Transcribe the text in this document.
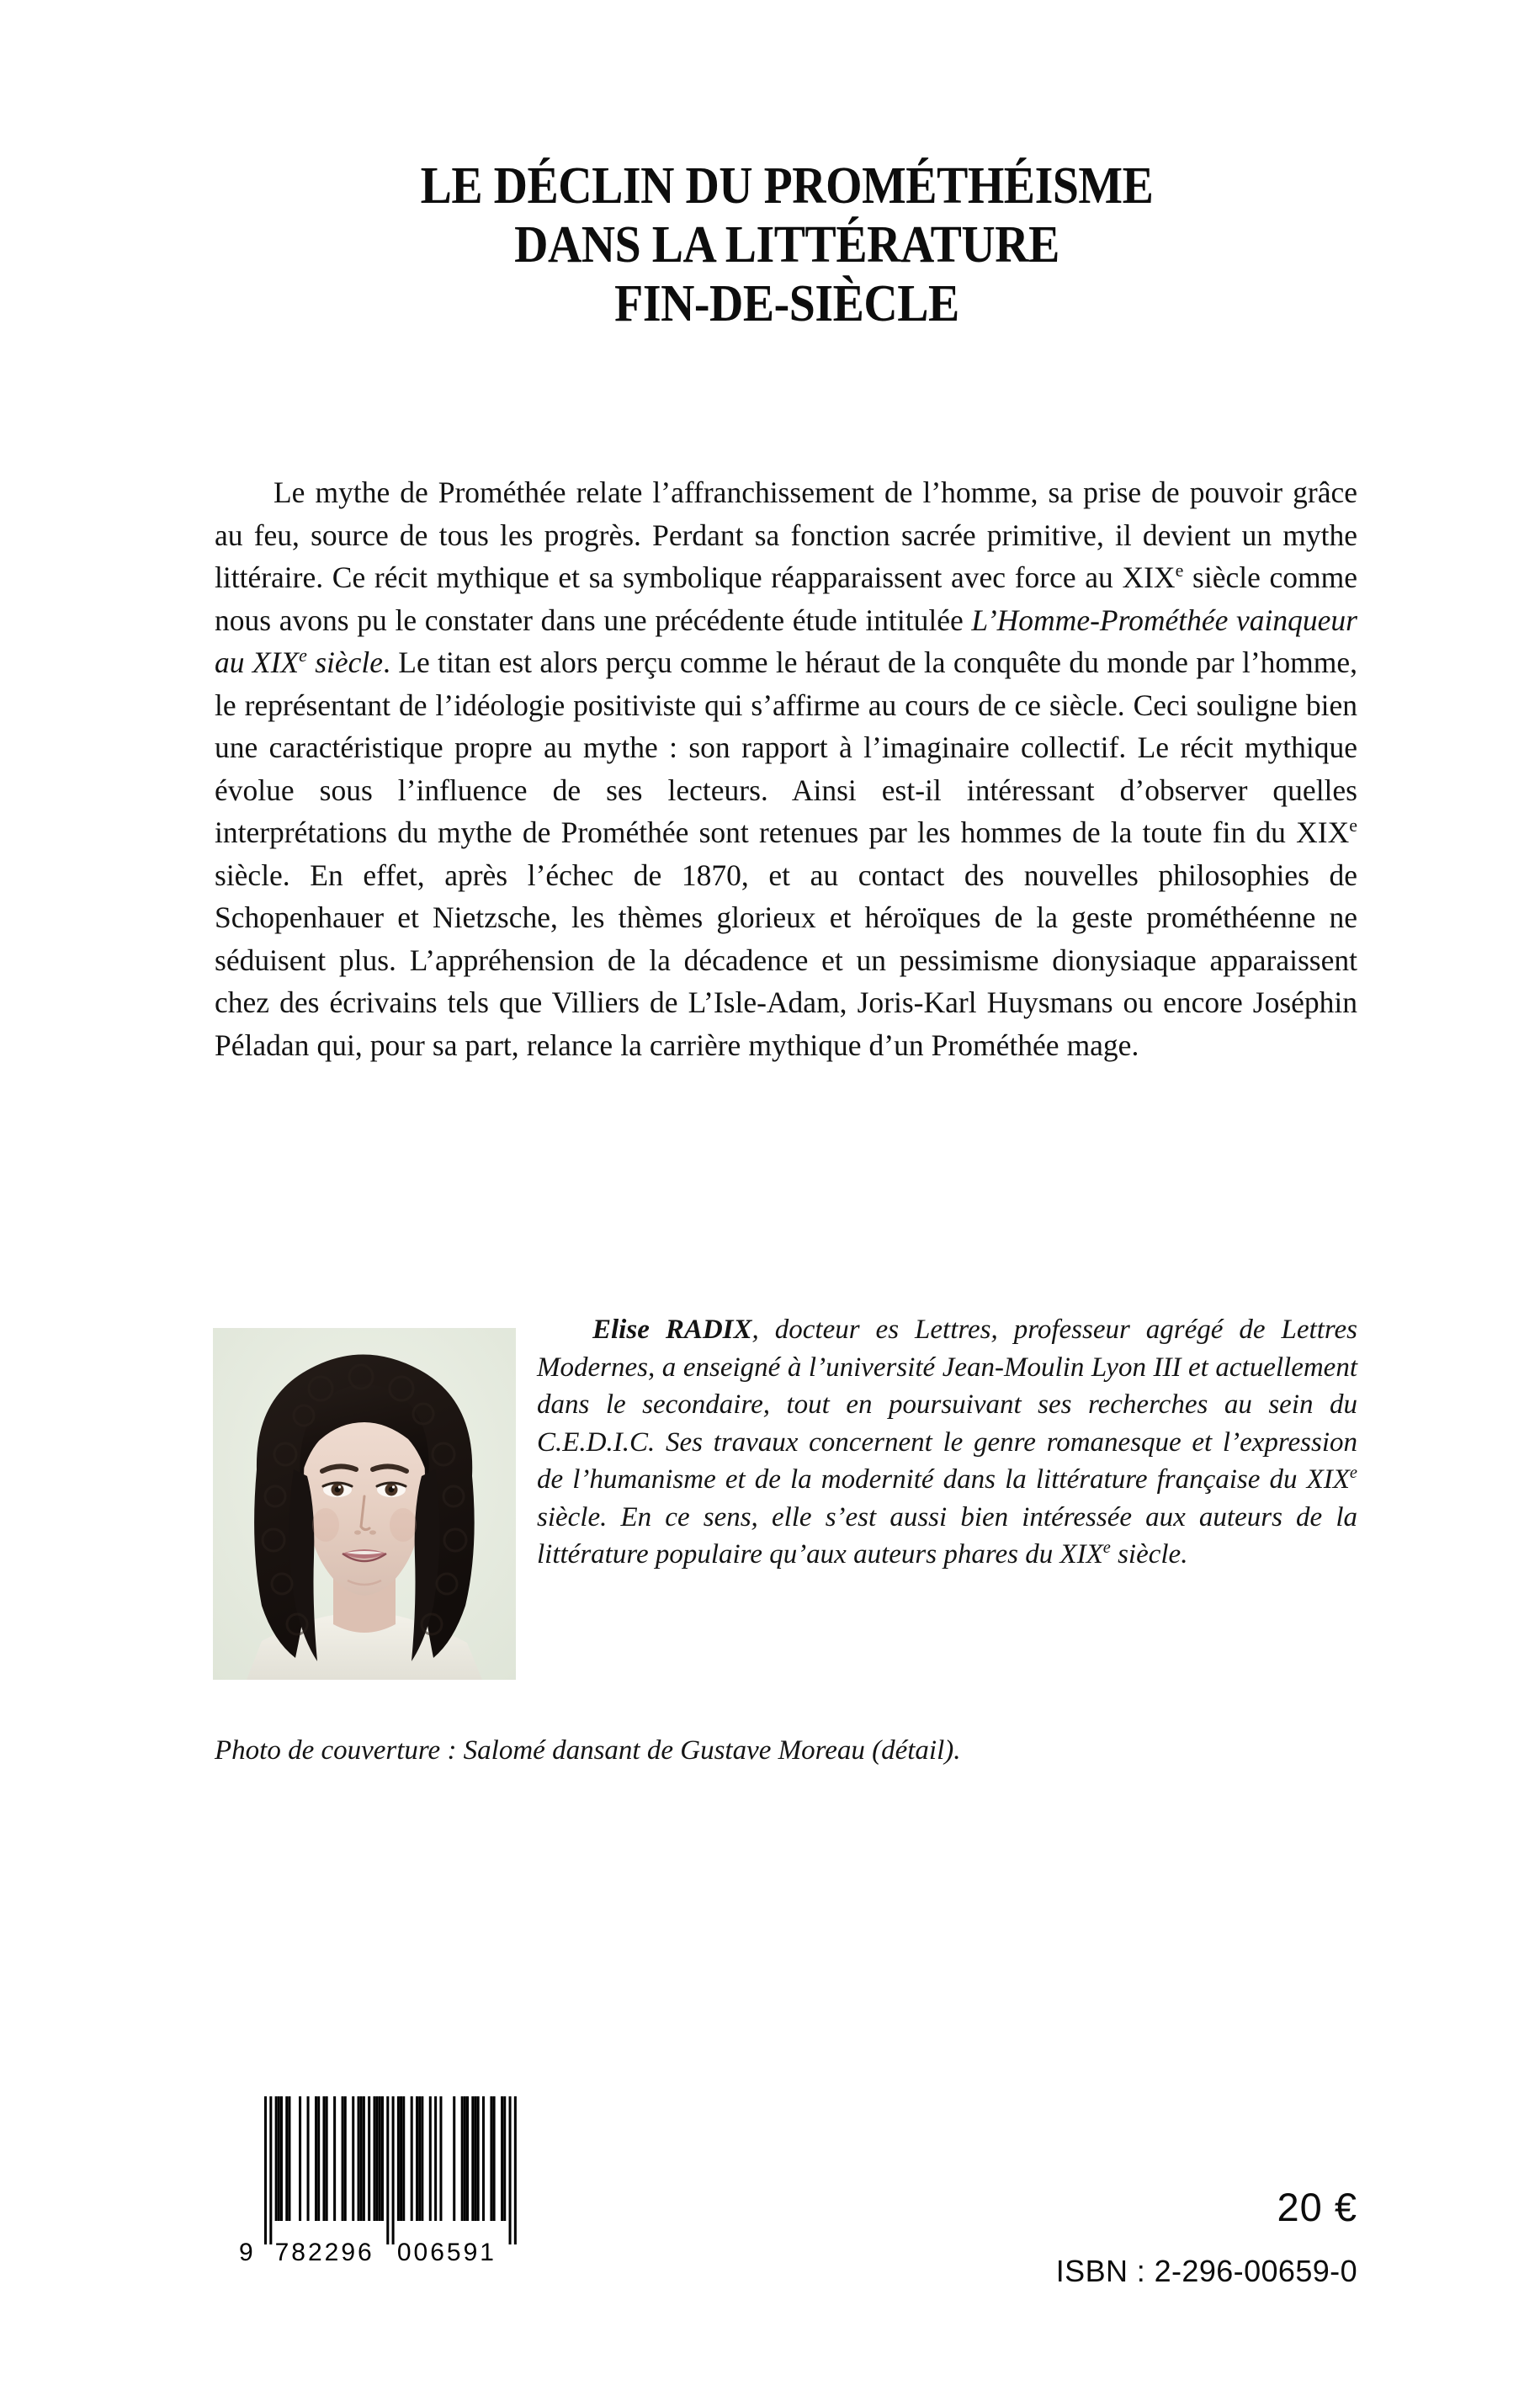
LE DÉCLIN DU PROMÉTHÉISME
DANS LA LITTÉRATURE
FIN-DE-SIÈCLE
Le mythe de Prométhée relate l’affranchissement de l’homme, sa prise de pouvoir grâce au feu, source de tous les progrès. Perdant sa fonction sacrée primitive, il devient un mythe littéraire. Ce récit mythique et sa symbolique réapparaissent avec force au XIXe siècle comme nous avons pu le constater dans une précédente étude intitulée L’Homme-Prométhée vainqueur au XIXe siècle. Le titan est alors perçu comme le héraut de la conquête du monde par l’homme, le représentant de l’idéologie positiviste qui s’affirme au cours de ce siècle. Ceci souligne bien une caractéristique propre au mythe : son rapport à l’imaginaire collectif. Le récit mythique évolue sous l’influence de ses lecteurs. Ainsi est-il intéressant d’observer quelles interprétations du mythe de Prométhée sont retenues par les hommes de la toute fin du XIXe siècle. En effet, après l’échec de 1870, et au contact des nouvelles philosophies de Schopenhauer et Nietzsche, les thèmes glorieux et héroïques de la geste prométhéenne ne séduisent plus. L’appréhension de la décadence et un pessimisme dionysiaque apparaissent chez des écrivains tels que Villiers de L’Isle-Adam, Joris-Karl Huysmans ou encore Joséphin Péladan qui, pour sa part, relance la carrière mythique d’un Prométhée mage.
Elise RADIX, docteur es Lettres, professeur agrégé de Lettres Modernes, a enseigné à l’université Jean-Moulin Lyon III et actuellement dans le secondaire, tout en poursuivant ses recherches au sein du C.E.D.I.C. Ses travaux concernent le genre romanesque et l’expression de l’humanisme et de la modernité dans la littérature française du XIXe siècle. En ce sens, elle s’est aussi bien intéressée aux auteurs de la littérature populaire qu’aux auteurs phares du XIXe siècle.
Photo de couverture : Salomé dansant de Gustave Moreau (détail).
9 782296 006591
20 €
ISBN : 2-296-00659-0
